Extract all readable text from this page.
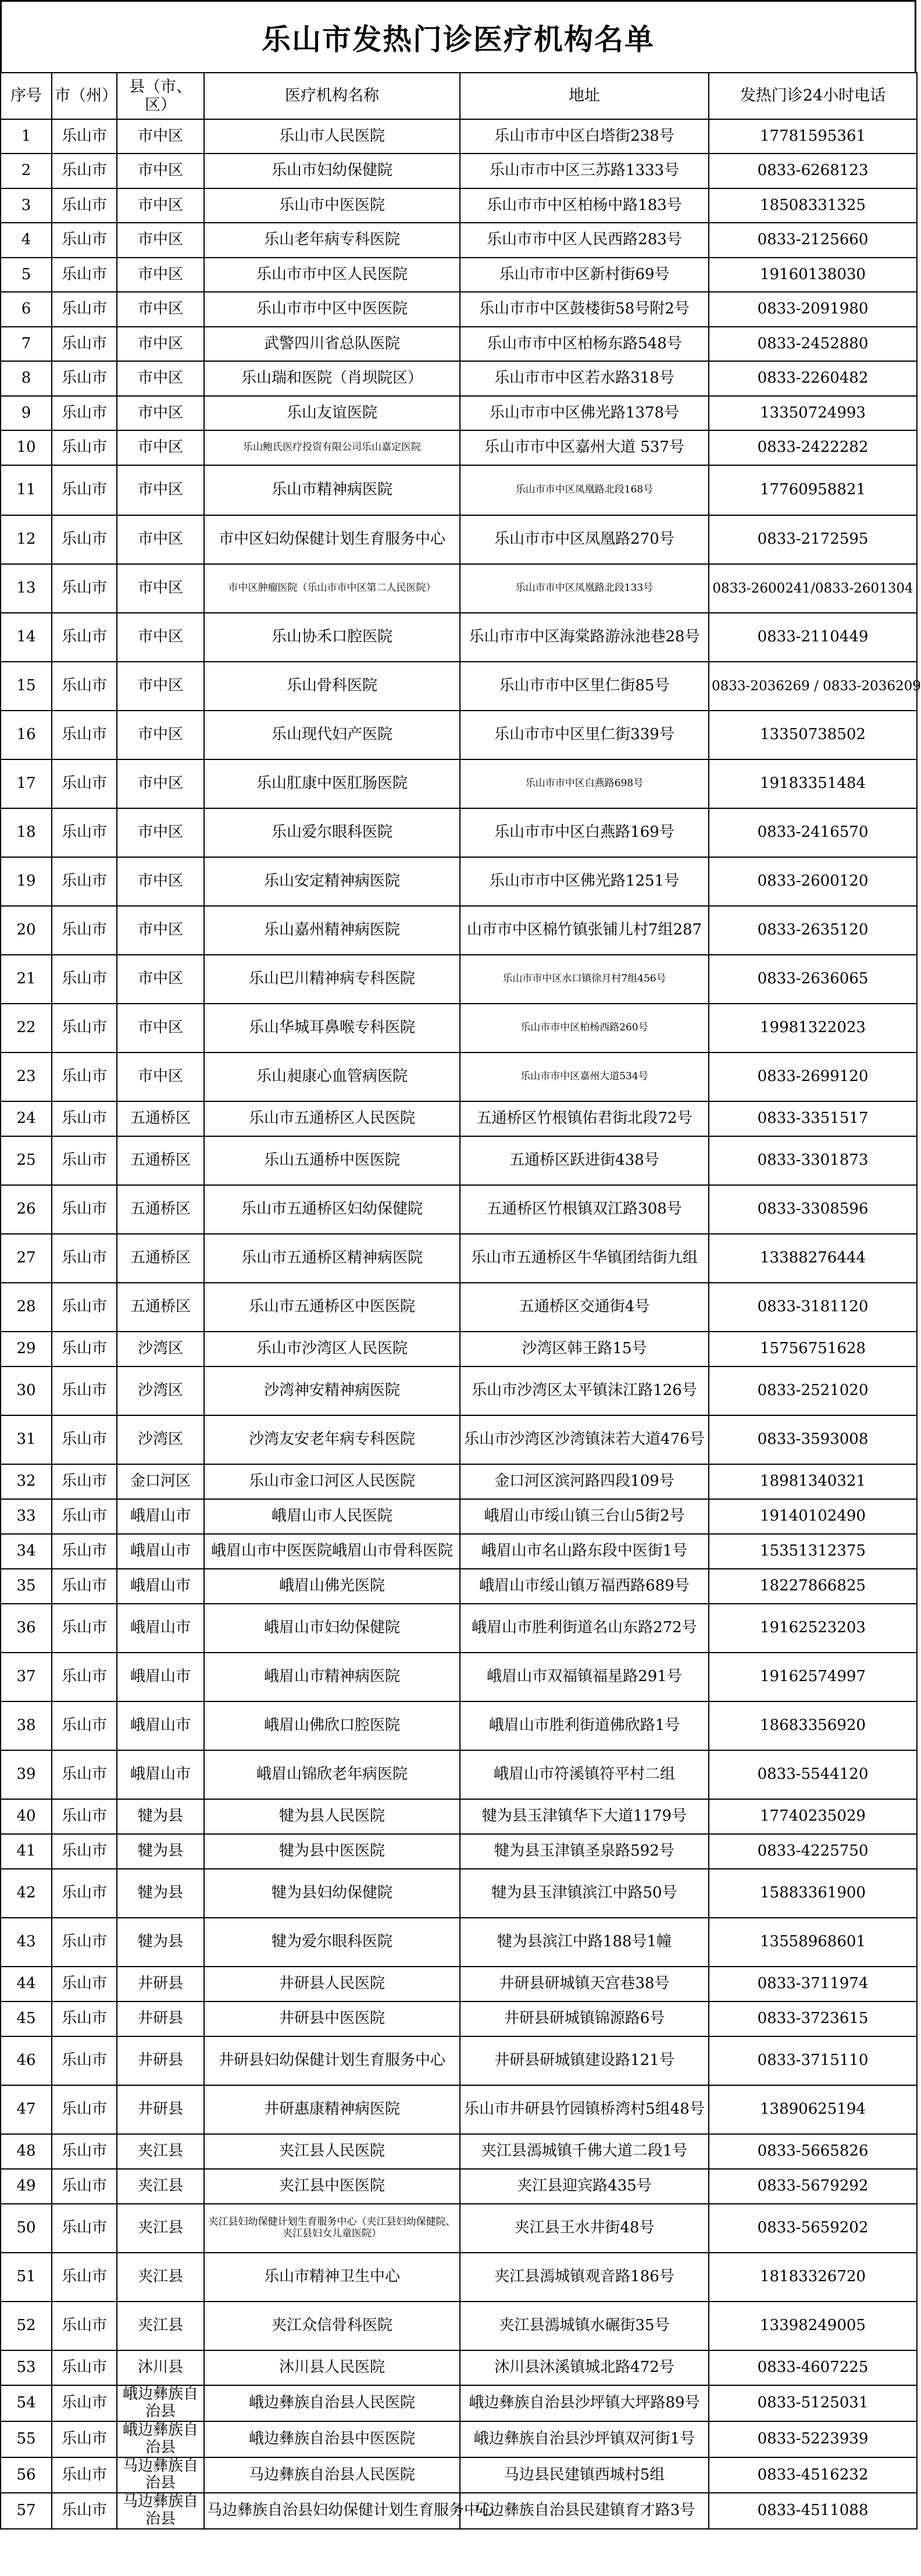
乐山市发热门诊医疗机构名单
序号	市（州）	县（市、区）	医疗机构名称	地址	发热门诊24小时电话
1	乐山市	市中区	乐山市人民医院	乐山市市中区白塔街238号	17781595361
2	乐山市	市中区	乐山市妇幼保健院	乐山市市中区三苏路1333号	0833-6268123
3	乐山市	市中区	乐山市中医医院	乐山市市中区柏杨中路183号	18508331325
4	乐山市	市中区	乐山老年病专科医院	乐山市市中区人民西路283号	0833-2125660
5	乐山市	市中区	乐山市市中区人民医院	乐山市市中区新村街69号	19160138030
6	乐山市	市中区	乐山市市中区中医医院	乐山市市中区鼓楼街58号附2号	0833-2091980
7	乐山市	市中区	武警四川省总队医院	乐山市市中区柏杨东路548号	0833-2452880
8	乐山市	市中区	乐山瑞和医院（肖坝院区）	乐山市市中区若水路318号	0833-2260482
9	乐山市	市中区	乐山友谊医院	乐山市市中区佛光路1378号	13350724993
10	乐山市	市中区	乐山鲍氏医疗投资有限公司乐山嘉定医院	乐山市市中区嘉州大道 537号	0833-2422282
11	乐山市	市中区	乐山市精神病医院	乐山市市中区凤凰路北段168号	17760958821
12	乐山市	市中区	市中区妇幼保健计划生育服务中心	乐山市市中区凤凰路270号	0833-2172595
13	乐山市	市中区	市中区肿瘤医院（乐山市市中区第二人民医院）	乐山市市中区凤凰路北段133号	0833-2600241/0833-2601304
14	乐山市	市中区	乐山协禾口腔医院	乐山市市中区海棠路游泳池巷28号	0833-2110449
15	乐山市	市中区	乐山骨科医院	乐山市市中区里仁街85号	0833-2036269 / 0833-2036209
16	乐山市	市中区	乐山现代妇产医院	乐山市市中区里仁街339号	13350738502
17	乐山市	市中区	乐山肛康中医肛肠医院	乐山市市中区白燕路698号	19183351484
18	乐山市	市中区	乐山爱尔眼科医院	乐山市市中区白燕路169号	0833-2416570
19	乐山市	市中区	乐山安定精神病医院	乐山市市中区佛光路1251号	0833-2600120
20	乐山市	市中区	乐山嘉州精神病医院	山市市中区棉竹镇张铺儿村7组287	0833-2635120
21	乐山市	市中区	乐山巴川精神病专科医院	乐山市市中区水口镇徐月村7组456号	0833-2636065
22	乐山市	市中区	乐山华城耳鼻喉专科医院	乐山市市中区柏杨西路260号	19981322023
23	乐山市	市中区	乐山昶康心血管病医院	乐山市市中区嘉州大道534号	0833-2699120
24	乐山市	五通桥区	乐山市五通桥区人民医院	五通桥区竹根镇佑君街北段72号	0833-3351517
25	乐山市	五通桥区	乐山五通桥中医医院	五通桥区跃进街438号	0833-3301873
26	乐山市	五通桥区	乐山市五通桥区妇幼保健院	五通桥区竹根镇双江路308号	0833-3308596
27	乐山市	五通桥区	乐山市五通桥区精神病医院	乐山市五通桥区牛华镇团结街九组	13388276444
28	乐山市	五通桥区	乐山市五通桥区中医医院	五通桥区交通街4号	0833-3181120
29	乐山市	沙湾区	乐山市沙湾区人民医院	沙湾区韩王路15号	15756751628
30	乐山市	沙湾区	沙湾神安精神病医院	乐山市沙湾区太平镇沫江路126号	0833-2521020
31	乐山市	沙湾区	沙湾友安老年病专科医院	乐山市沙湾区沙湾镇沫若大道476号	0833-3593008
32	乐山市	金口河区	乐山市金口河区人民医院	金口河区滨河路四段109号	18981340321
33	乐山市	峨眉山市	峨眉山市人民医院	峨眉山市绥山镇三台山5街2号	19140102490
34	乐山市	峨眉山市	峨眉山市中医医院峨眉山市骨科医院	峨眉山市名山路东段中医街1号	15351312375
35	乐山市	峨眉山市	峨眉山佛光医院	峨眉山市绥山镇万福西路689号	18227866825
36	乐山市	峨眉山市	峨眉山市妇幼保健院	峨眉山市胜利街道名山东路272号	19162523203
37	乐山市	峨眉山市	峨眉山市精神病医院	峨眉山市双福镇福星路291号	19162574997
38	乐山市	峨眉山市	峨眉山佛欣口腔医院	峨眉山市胜利街道佛欣路1号	18683356920
39	乐山市	峨眉山市	峨眉山锦欣老年病医院	峨眉山市符溪镇符平村二组	0833-5544120
40	乐山市	犍为县	犍为县人民医院	犍为县玉津镇华下大道1179号	17740235029
41	乐山市	犍为县	犍为县中医医院	犍为县玉津镇圣泉路592号	0833-4225750
42	乐山市	犍为县	犍为县妇幼保健院	犍为县玉津镇滨江中路50号	15883361900
43	乐山市	犍为县	犍为爱尔眼科医院	犍为县滨江中路188号1幢	13558968601
44	乐山市	井研县	井研县人民医院	井研县研城镇天宫巷38号	0833-3711974
45	乐山市	井研县	井研县中医医院	井研县研城镇锦源路6号	0833-3723615
46	乐山市	井研县	井研县妇幼保健计划生育服务中心	井研县研城镇建设路121号	0833-3715110
47	乐山市	井研县	井研惠康精神病医院	乐山市井研县竹园镇桥湾村5组48号	13890625194
48	乐山市	夹江县	夹江县人民医院	夹江县漹城镇千佛大道二段1号	0833-5665826
49	乐山市	夹江县	夹江县中医医院	夹江县迎宾路435号	0833-5679292
50	乐山市	夹江县	夹江县妇幼保健计划生育服务中心（夹江县妇幼保健院、夹江县妇女儿童医院）	夹江县王水井街48号	0833-5659202
51	乐山市	夹江县	乐山市精神卫生中心	夹江县漹城镇观音路186号	18183326720
52	乐山市	夹江县	夹江众信骨科医院	夹江县漹城镇水碾街35号	13398249005
53	乐山市	沐川县	沐川县人民医院	沐川县沐溪镇城北路472号	0833-4607225
54	乐山市	峨边彝族自治县	峨边彝族自治县人民医院	峨边彝族自治县沙坪镇大坪路89号	0833-5125031
55	乐山市	峨边彝族自治县	峨边彝族自治县中医医院	峨边彝族自治县沙坪镇双河街1号	0833-5223939
56	乐山市	马边彝族自治县	马边彝族自治县人民医院	马边县民建镇西城村5组	0833-4516232
57	乐山市	马边彝族自治县	马边彝族自治县妇幼保健计划生育服务中心	马边彝族自治县民建镇育才路3号	0833-4511088
